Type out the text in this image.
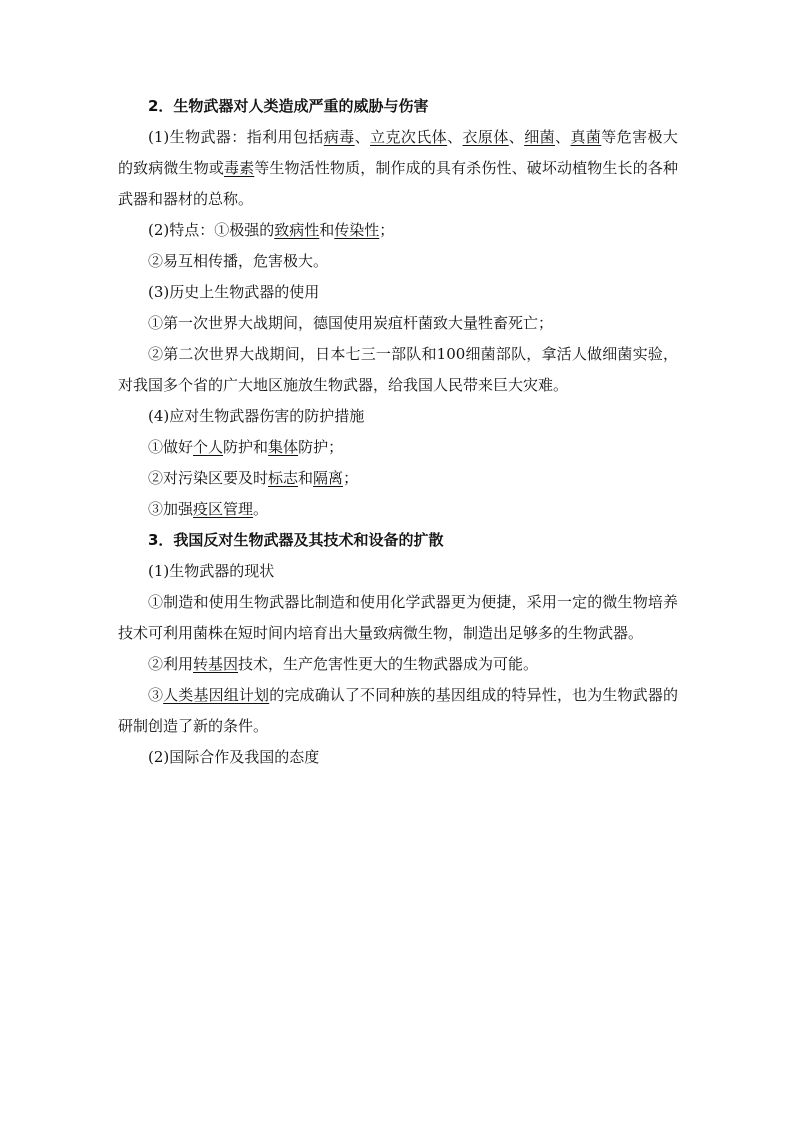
2．生物武器对人类造成严重的威胁与伤害

(1)生物武器：指利用包括病毒、立克次氏体、衣原体、细菌、真菌等危害极大的致病微生物或毒素等生物活性物质，制作成的具有杀伤性、破坏动植物生长的各种武器和器材的总称。

(2)特点：①极强的致病性和传染性；

②易互相传播，危害极大。

(3)历史上生物武器的使用

①第一次世界大战期间，德国使用炭疽杆菌致大量牲畜死亡；

②第二次世界大战期间，日本七三一部队和100细菌部队，拿活人做细菌实验，对我国多个省的广大地区施放生物武器，给我国人民带来巨大灾难。

(4)应对生物武器伤害的防护措施

①做好个人防护和集体防护；

②对污染区要及时标志和隔离；

③加强疫区管理。

3．我国反对生物武器及其技术和设备的扩散

(1)生物武器的现状

①制造和使用生物武器比制造和使用化学武器更为便捷，采用一定的微生物培养技术可利用菌株在短时间内培育出大量致病微生物，制造出足够多的生物武器。

②利用转基因技术，生产危害性更大的生物武器成为可能。

③人类基因组计划的完成确认了不同种族的基因组成的特异性，也为生物武器的研制创造了新的条件。

(2)国际合作及我国的态度
